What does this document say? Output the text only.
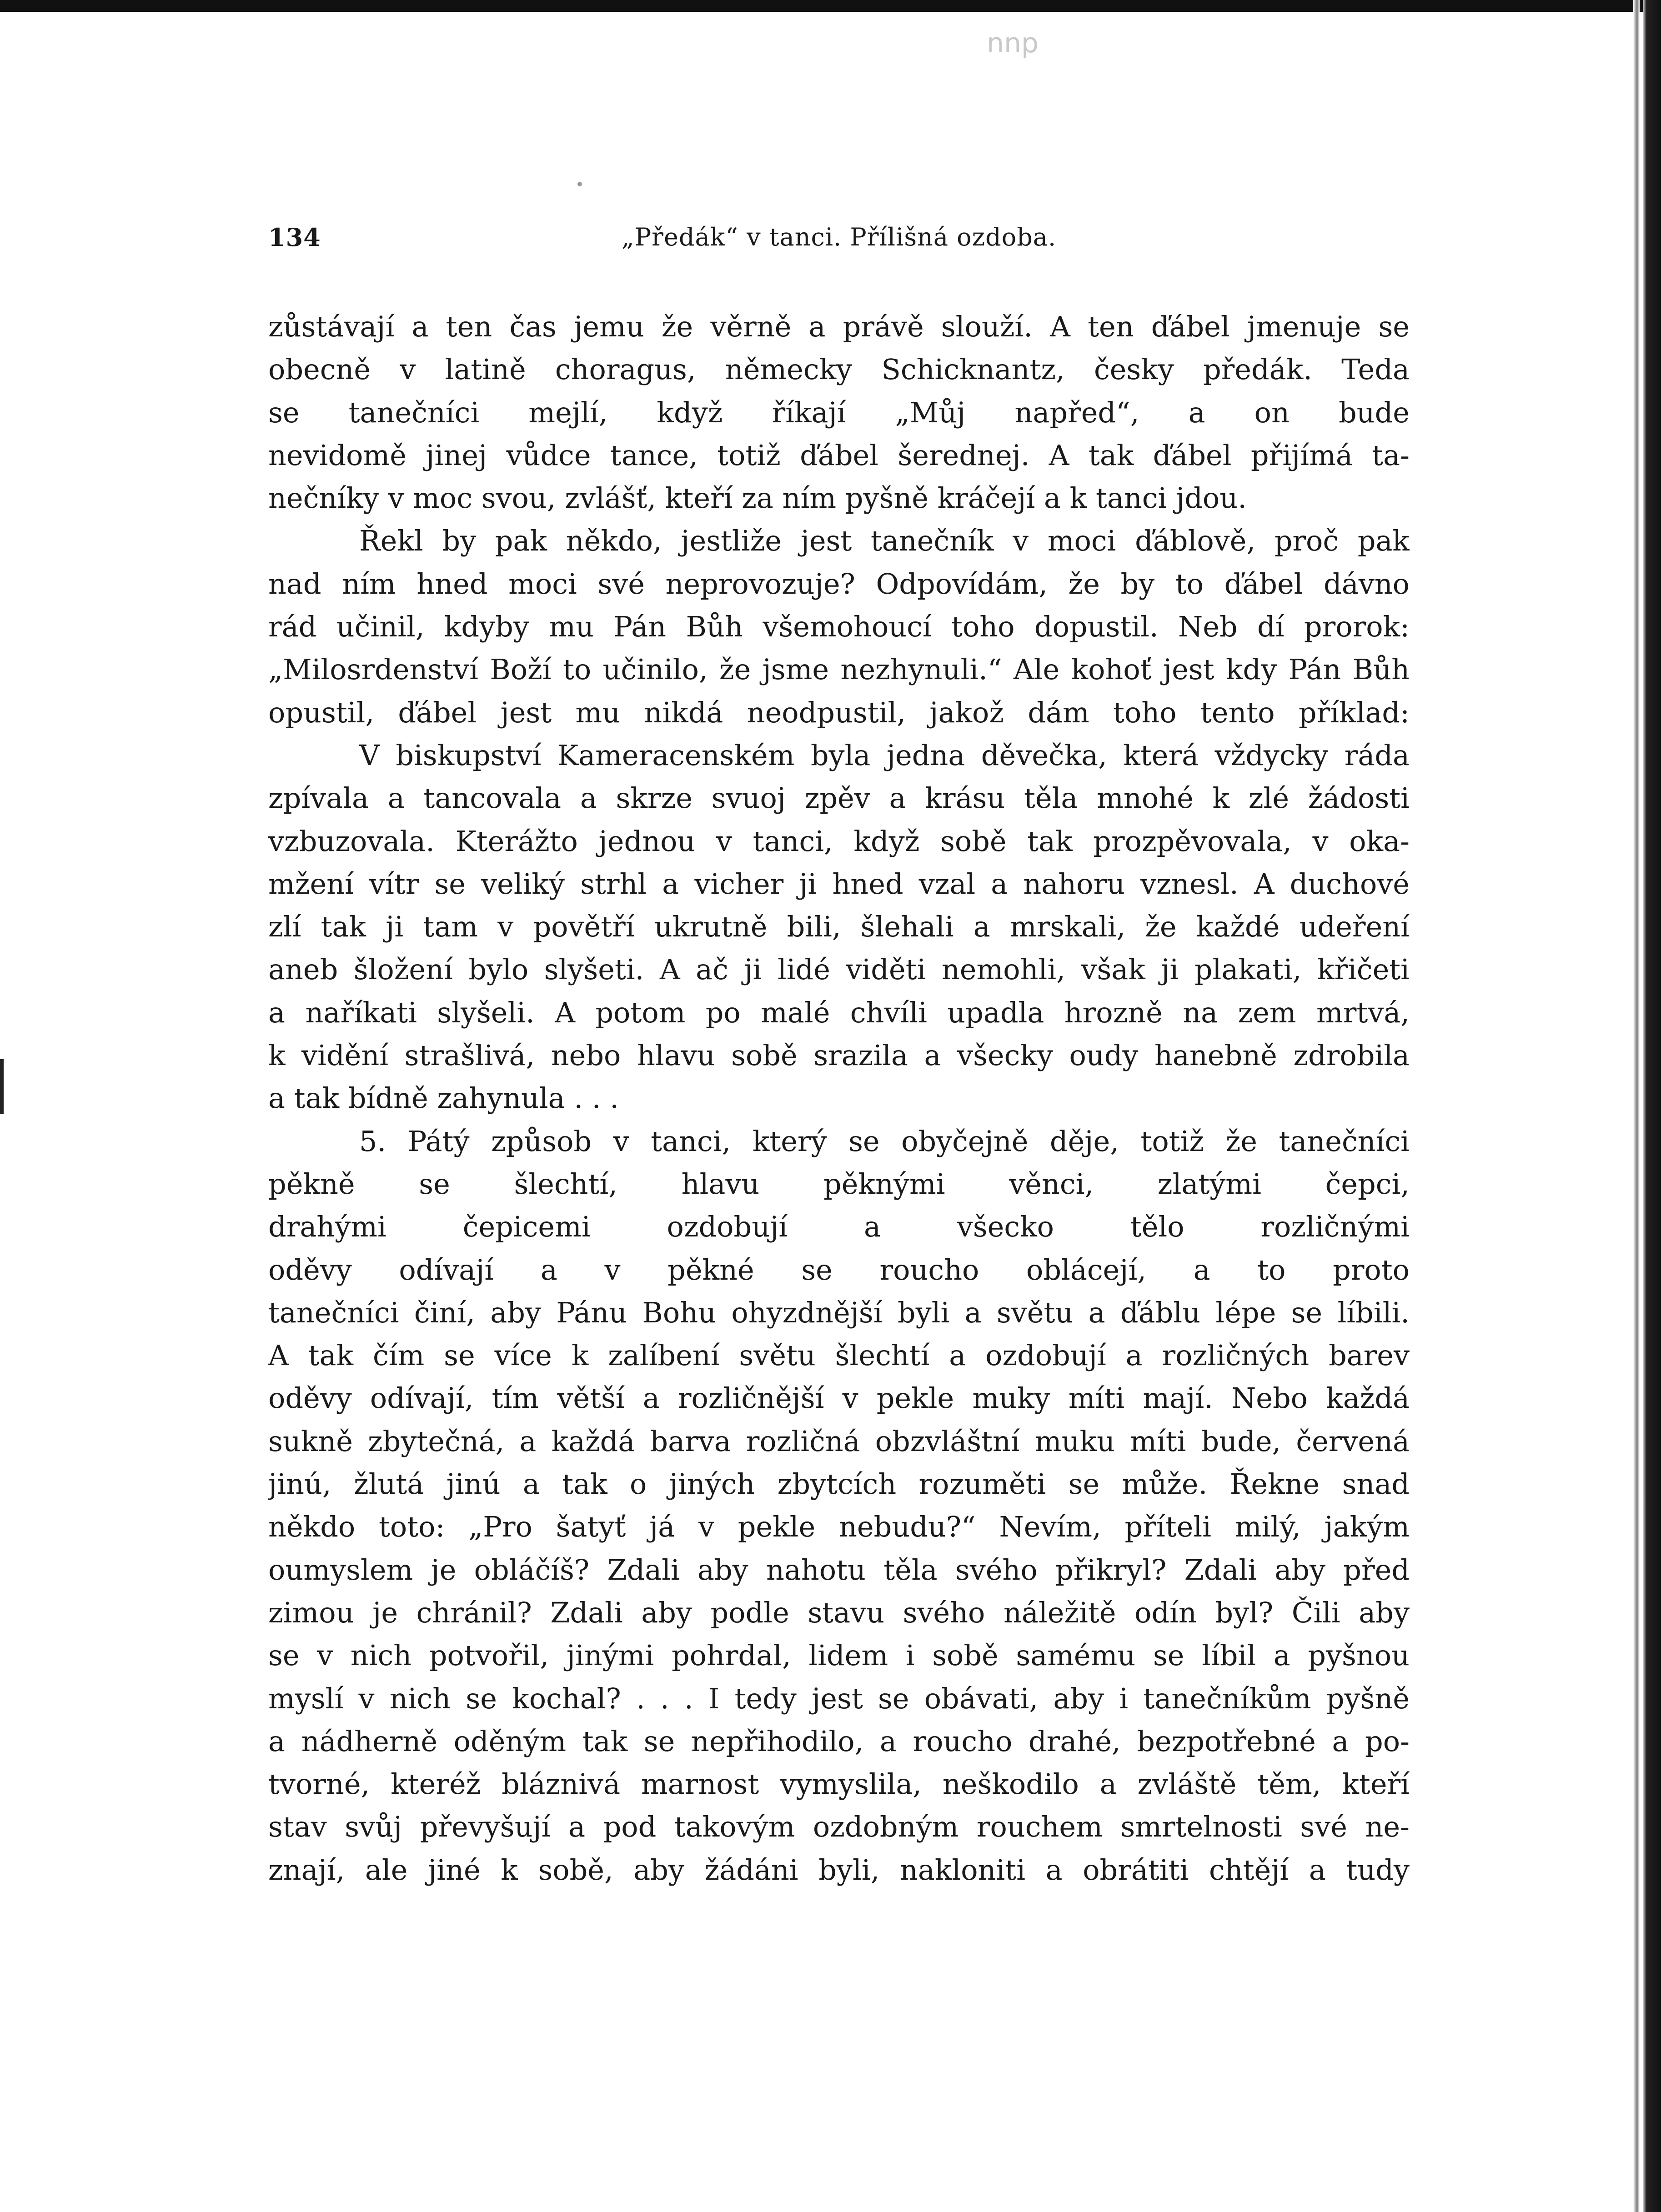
nnp
134	„Předák“ v tanci. Přílišná ozdoba.
zůstávají a ten čas jemu že věrně a právě slouží. A ten ďábel jmenuje se
obecně v latině choragus, německy Schicknantz, česky předák. Teda
se tanečníci mejlí, když říkají „Můj napřed“, a on bude
nevidomě jinej vůdce tance, totiž ďábel šerednej. A tak ďábel přijímá ta-
nečníky v moc svou, zvlášť, kteří za ním pyšně kráčejí a k tanci jdou.
Řekl by pak někdo, jestliže jest tanečník v moci ďáblově, proč pak
nad ním hned moci své neprovozuje? Odpovídám, že by to ďábel dávno
rád učinil, kdyby mu Pán Bůh všemohoucí toho dopustil. Neb dí prorok:
„Milosrdenství Boží to učinilo, že jsme nezhynuli.“ Ale kohoť jest kdy Pán Bůh
opustil, ďábel jest mu nikdá neodpustil, jakož dám toho tento příklad:
V biskupství Kameracenském byla jedna děvečka, která vždycky ráda
zpívala a tancovala a skrze svuoj zpěv a krásu těla mnohé k zlé žádosti
vzbuzovala. Kterážto jednou v tanci, když sobě tak prozpěvovala, v oka-
mžení vítr se veliký strhl a vicher ji hned vzal a nahoru vznesl. A duchové
zlí tak ji tam v povětří ukrutně bili, šlehali a mrskali, že každé udeření
aneb šložení bylo slyšeti. A ač ji lidé viděti nemohli, však ji plakati, křičeti
a naříkati slyšeli. A potom po malé chvíli upadla hrozně na zem mrtvá,
k vidění strašlivá, nebo hlavu sobě srazila a všecky oudy hanebně zdrobila
a tak bídně zahynula . . .
5. Pátý způsob v tanci, který se obyčejně děje, totiž že tanečníci
pěkně se šlechtí, hlavu pěknými věnci, zlatými čepci,
drahými čepicemi ozdobují a všecko tělo rozličnými
oděvy odívají a v pěkné se roucho oblácejí, a to proto
tanečníci činí, aby Pánu Bohu ohyzdnější byli a světu a ďáblu lépe se líbili.
A tak čím se více k zalíbení světu šlechtí a ozdobují a rozličných barev
oděvy odívají, tím větší a rozličnější v pekle muky míti mají. Nebo každá
sukně zbytečná, a každá barva rozličná obzvláštní muku míti bude, červená
jinú, žlutá jinú a tak o jiných zbytcích rozuměti se může. Řekne snad
někdo toto: „Pro šatyť já v pekle nebudu?“ Nevím, příteli milý, jakým
oumyslem je obláčíš? Zdali aby nahotu těla svého přikryl? Zdali aby před
zimou je chránil? Zdali aby podle stavu svého náležitě odín byl? Čili aby
se v nich potvořil, jinými pohrdal, lidem i sobě samému se líbil a pyšnou
myslí v nich se kochal? . . . I tedy jest se obávati, aby i tanečníkům pyšně
a nádherně oděným tak se nepřihodilo, a roucho drahé, bezpotřebné a po-
tvorné, kteréž bláznivá marnost vymyslila, neškodilo a zvláště těm, kteří
stav svůj převyšují a pod takovým ozdobným rouchem smrtelnosti své ne-
znají, ale jiné k sobě, aby žádáni byli, nakloniti a obrátiti chtějí a tudy
